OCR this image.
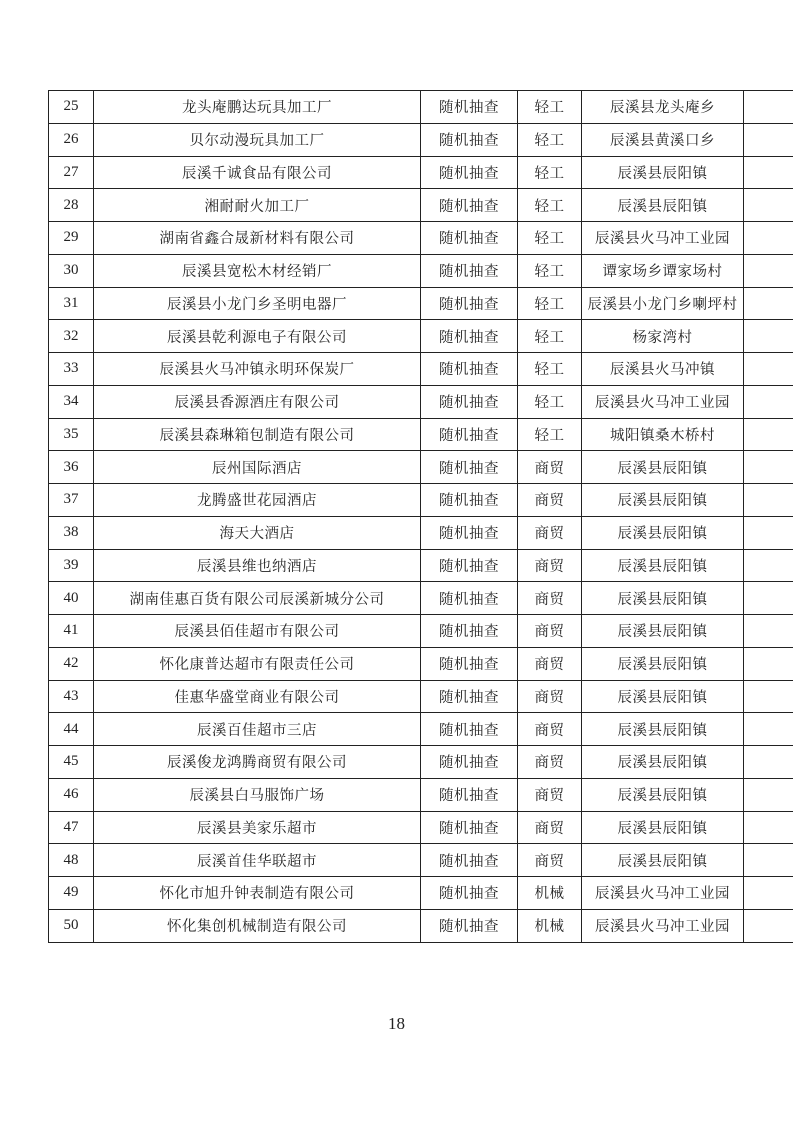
25	龙头庵鹏达玩具加工厂	随机抽查	轻工	辰溪县龙头庵乡	
26	贝尔动漫玩具加工厂	随机抽查	轻工	辰溪县黄溪口乡	
27	辰溪千诚食品有限公司	随机抽查	轻工	辰溪县辰阳镇	
28	湘耐耐火加工厂	随机抽查	轻工	辰溪县辰阳镇	
29	湖南省鑫合晟新材料有限公司	随机抽查	轻工	辰溪县火马冲工业园	
30	辰溪县宽松木材经销厂	随机抽查	轻工	谭家场乡谭家场村	
31	辰溪县小龙门乡圣明电器厂	随机抽查	轻工	辰溪县小龙门乡喇坪村	
32	辰溪县乾利源电子有限公司	随机抽查	轻工	杨家湾村	
33	辰溪县火马冲镇永明环保炭厂	随机抽查	轻工	辰溪县火马冲镇	
34	辰溪县香源酒庄有限公司	随机抽查	轻工	辰溪县火马冲工业园	
35	辰溪县森琳箱包制造有限公司	随机抽查	轻工	城阳镇桑木桥村	
36	辰州国际酒店	随机抽查	商贸	辰溪县辰阳镇	
37	龙腾盛世花园酒店	随机抽查	商贸	辰溪县辰阳镇	
38	海天大酒店	随机抽查	商贸	辰溪县辰阳镇	
39	辰溪县维也纳酒店	随机抽查	商贸	辰溪县辰阳镇	
40	湖南佳惠百货有限公司辰溪新城分公司	随机抽查	商贸	辰溪县辰阳镇	
41	辰溪县佰佳超市有限公司	随机抽查	商贸	辰溪县辰阳镇	
42	怀化康普达超市有限责任公司	随机抽查	商贸	辰溪县辰阳镇	
43	佳惠华盛堂商业有限公司	随机抽查	商贸	辰溪县辰阳镇	
44	辰溪百佳超市三店	随机抽查	商贸	辰溪县辰阳镇	
45	辰溪俊龙鸿腾商贸有限公司	随机抽查	商贸	辰溪县辰阳镇	
46	辰溪县白马服饰广场	随机抽查	商贸	辰溪县辰阳镇	
47	辰溪县美家乐超市	随机抽查	商贸	辰溪县辰阳镇	
48	辰溪首佳华联超市	随机抽查	商贸	辰溪县辰阳镇	
49	怀化市旭升钟表制造有限公司	随机抽查	机械	辰溪县火马冲工业园	
50	怀化集创机械制造有限公司	随机抽查	机械	辰溪县火马冲工业园	
18
